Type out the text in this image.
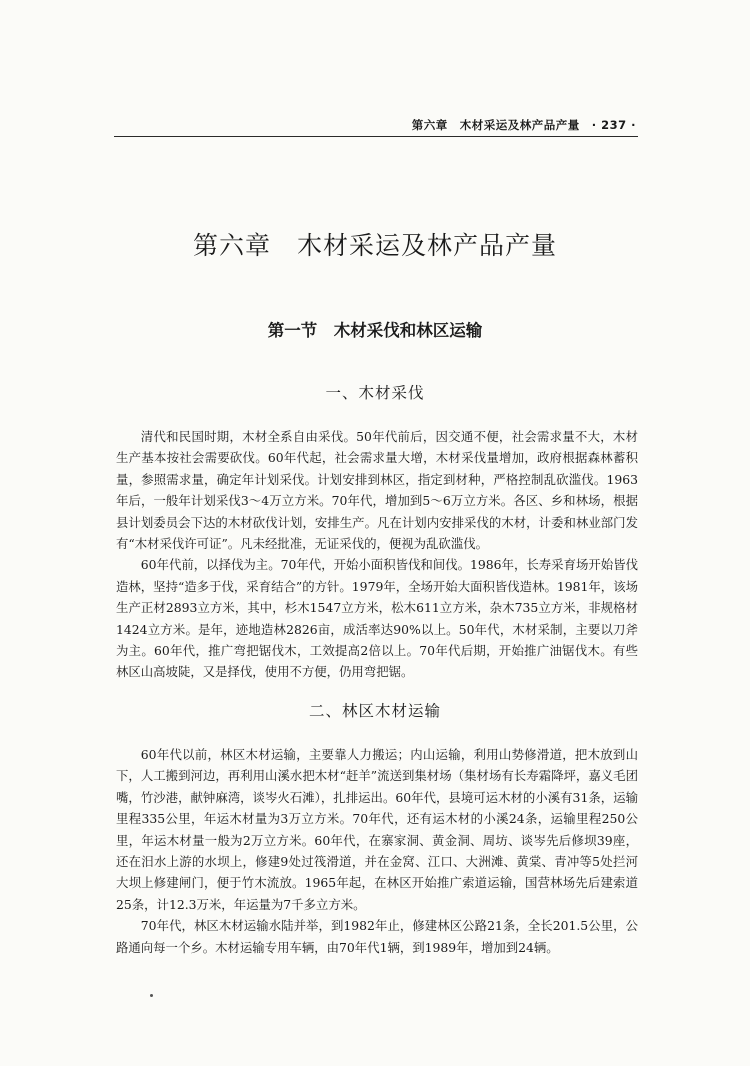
第六章　木材采运及林产品产量　· 237 ·
第六章　木材采运及林产品产量
第一节　木材采伐和林区运输
一、木材采伐

清代和民国时期，木材全系自由采伐。50年代前后，因交通不便，社会需求量不大，木材生产基本按社会需要砍伐。60年代起，社会需求量大增，木材采伐量增加，政府根据森林蓄积量，参照需求量，确定年计划采伐。计划安排到林区，指定到材种，严格控制乱砍滥伐。1963年后，一般年计划采伐3～4万立方米。70年代，增加到5～6万立方米。各区、乡和林场，根据县计划委员会下达的木材砍伐计划，安排生产。凡在计划内安排采伐的木材，计委和林业部门发有“木材采伐许可证”。凡未经批准，无证采伐的，便视为乱砍滥伐。

60年代前，以择伐为主。70年代，开始小面积皆伐和间伐。1986年，长寿采育场开始皆伐造林，坚持“造多于伐，采育结合”的方针。1979年，全场开始大面积皆伐造林。1981年，该场生产正材2893立方米，其中，杉木1547立方米，松木611立方米，杂木735立方米，非规格材1424立方米。是年，迹地造林2826亩，成活率达90%以上。50年代，木材采制，主要以刀斧为主。60年代，推广弯把锯伐木，工效提高2倍以上。70年代后期，开始推广油锯伐木。有些林区山高坡陡，又是择伐，使用不方便，仍用弯把锯。

二、林区木材运输

60年代以前，林区木材运输，主要靠人力搬运；内山运输，利用山势修滑道，把木放到山下，人工搬到河边，再利用山溪水把木材“赶羊”流送到集材场（集材场有长寿霜降坪，嘉义毛团嘴，竹沙港，献钟麻湾，谈岑火石滩），扎排运出。60年代，县境可运木材的小溪有31条，运输里程335公里，年运木材量为3万立方米。70年代，还有运木材的小溪24条，运输里程250公里，年运木材量一般为2万立方米。60年代，在寨家洞、黄金洞、周坊、谈岑先后修坝39座，还在汨水上游的水坝上，修建9处过筏滑道，并在金窝、江口、大洲滩、黄棠、青冲等5处拦河大坝上修建闸门，便于竹木流放。1965年起，在林区开始推广索道运输，国营林场先后建索道25条，计12.3万米，年运量为7千多立方米。

70年代，林区木材运输水陆并举，到1982年止，修建林区公路21条，全长201.5公里，公路通向每一个乡。木材运输专用车辆，由70年代1辆，到1989年，增加到24辆。
